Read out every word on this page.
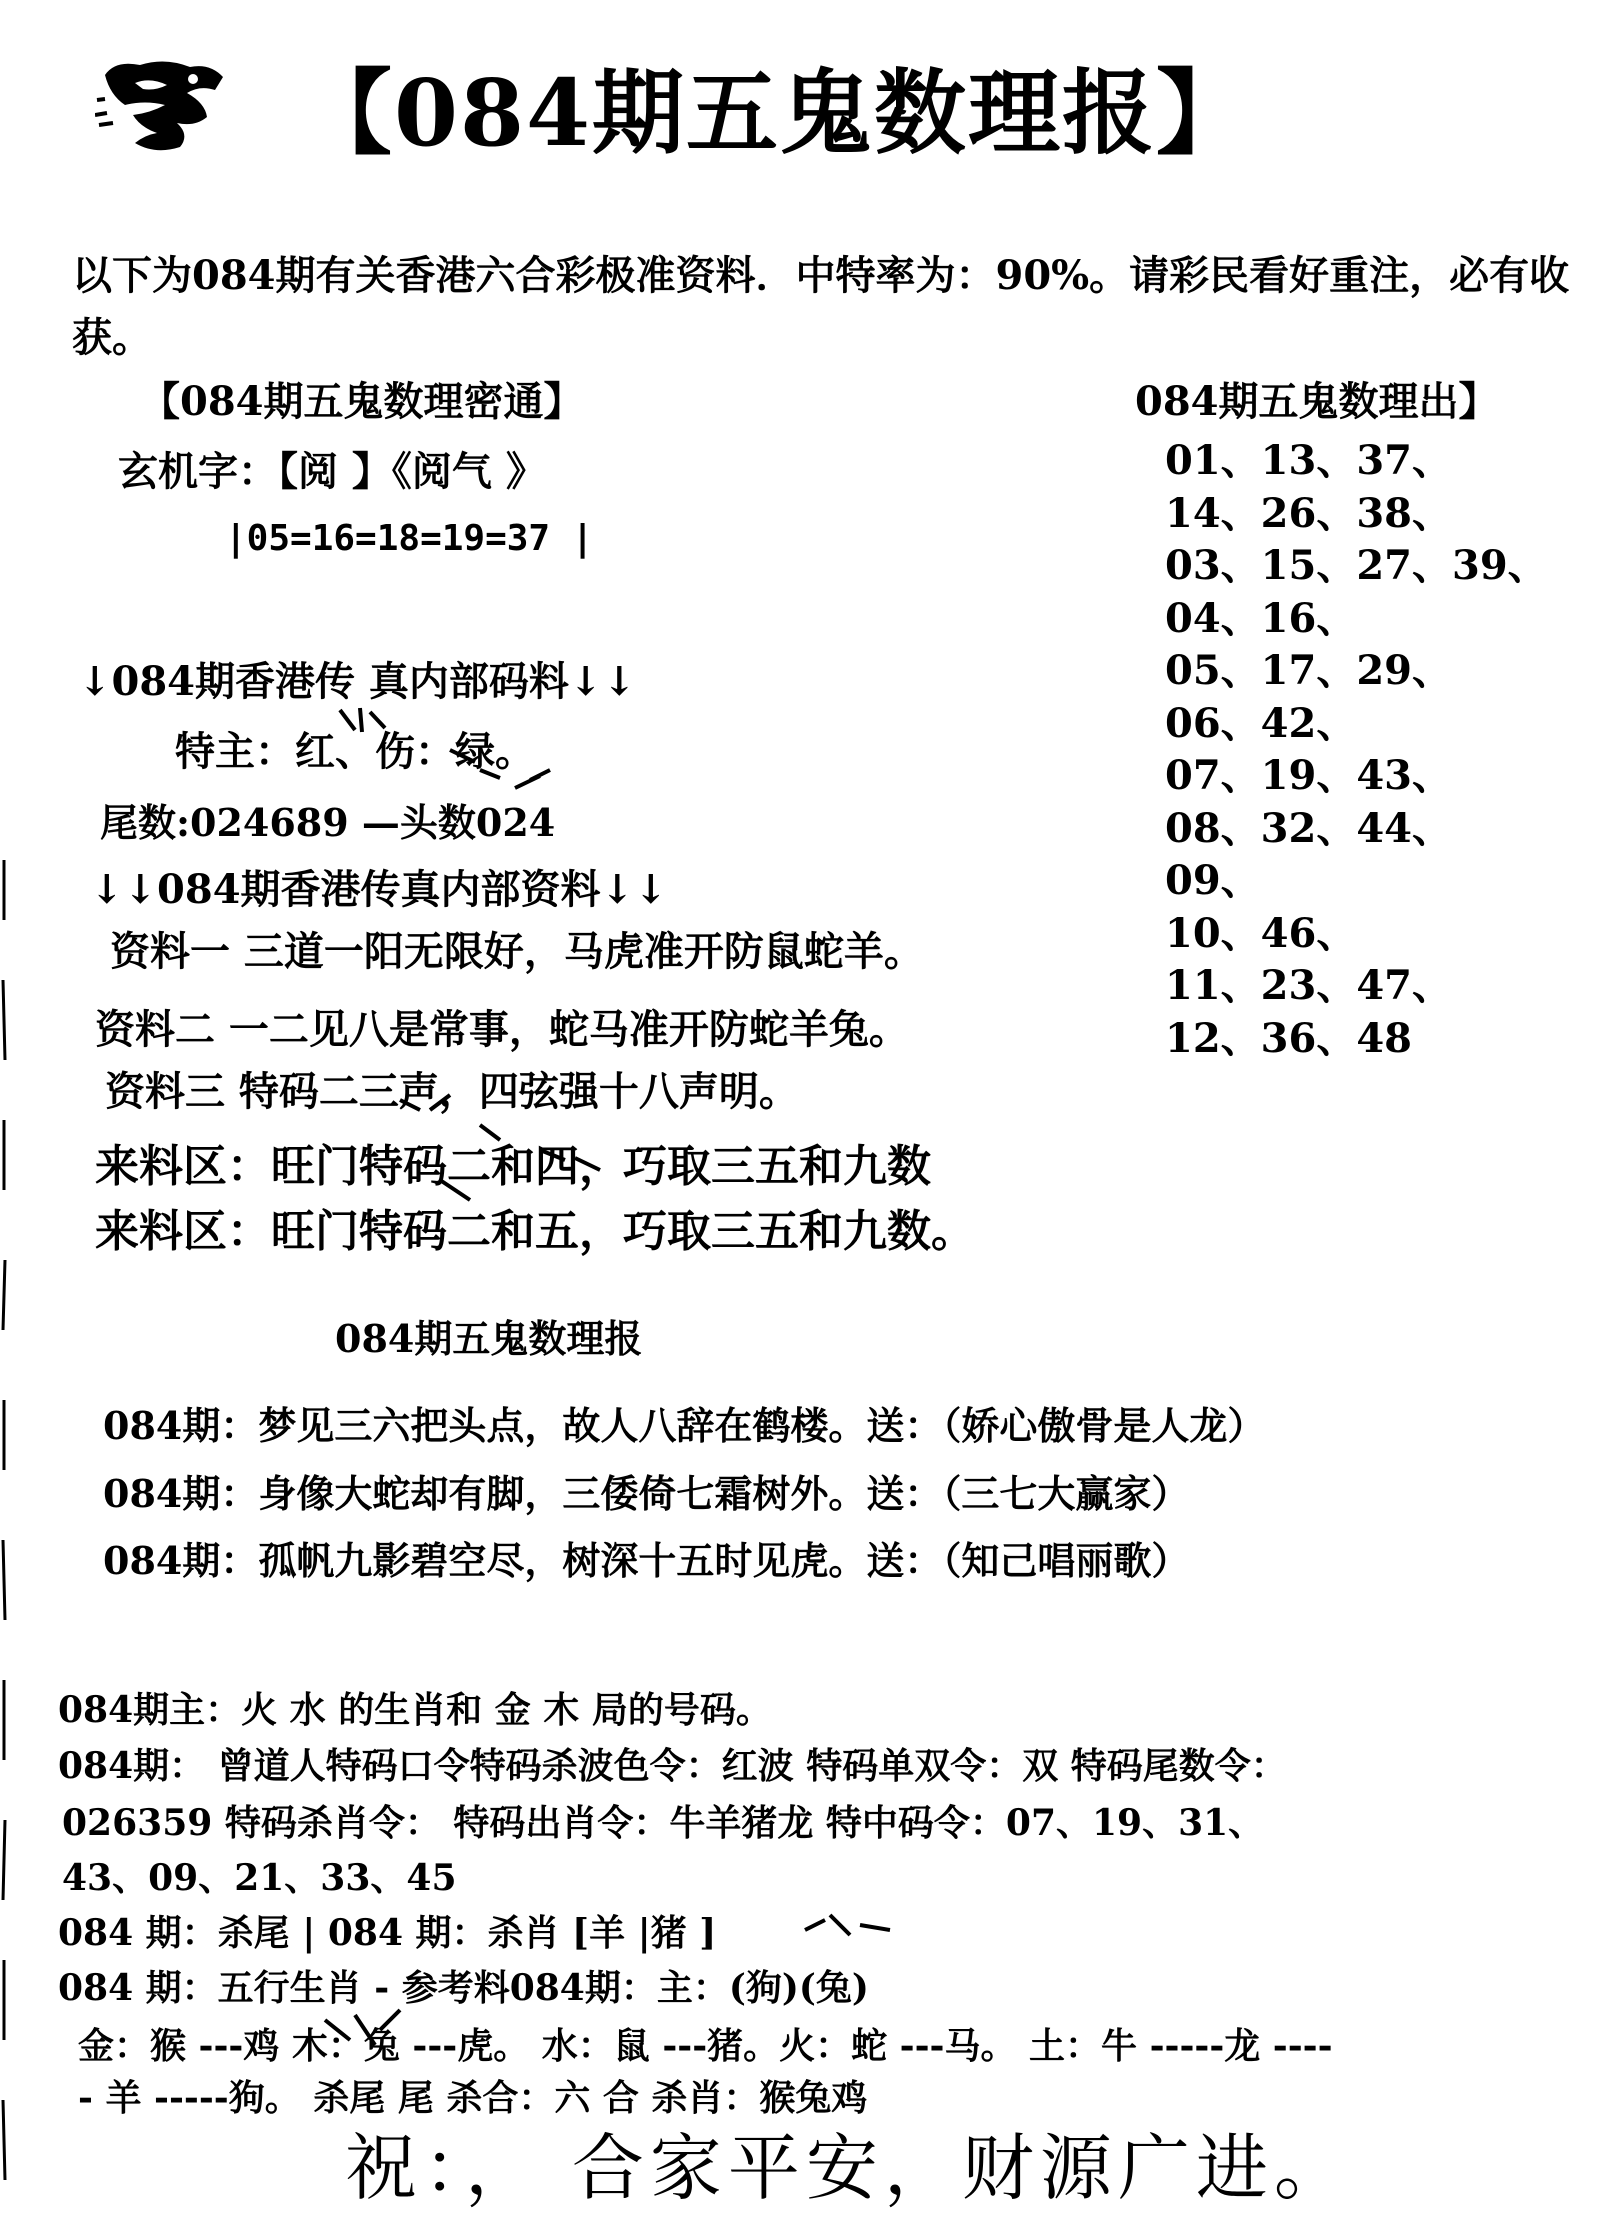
【084期五鬼数理报】
以下为084期有关香港六合彩极准资料．中特率为：90%。请彩民看好重注，必有收获。
【084期五鬼数理密通】
玄机字：【阅 】《阅气 》
|05=16=18=19=37 |
084期五鬼数理出】
01、13、37、
14、26、38、
03、15、27、39、
04、16、
05、17、29、
06、42、
07、19、43、
08、32、44、
09、
10、46、
11、23、47、
12、36、48
↓084期香港传 真内部码料↓↓
特主：红、伤：绿。
尾数:024689 —头数024
↓↓084期香港传真内部资料↓↓
资料一 三道一阳无限好，马虎准开防鼠蛇羊。
资料二 一二见八是常事，蛇马准开防蛇羊兔。
资料三 特码二三声，四弦强十八声明。
来料区：旺门特码二和四，巧取三五和九数
来料区：旺门特码二和五，巧取三五和九数。
084期五鬼数理报
084期：梦见三六把头点，故人八辞在鹤楼。送：（娇心傲骨是人龙）
084期：身像大蛇却有脚，三倭倚七霜树外。送：（三七大赢家）
084期：孤帆九影碧空尽，树深十五时见虎。送：（知己唱丽歌）
084期主：火 水 的生肖和 金 木 局的号码。
084期： 曾道人特码口令特码杀波色令：红波 特码单双令：双 特码尾数令：
026359 特码杀肖令： 特码出肖令：牛羊猪龙 特中码令：07、19、31、
43、09、21、33、45
084 期：杀尾 | 084 期：杀肖 [羊 |猪 ]
084 期：五行生肖 - 参考料084期：主：(狗)(兔)
金：猴 ---鸡 木：兔 ---虎。 水：鼠 ---猪。火：蛇 ---马。 土：牛 -----龙 ----
- 羊 -----狗。 杀尾 尾 杀合：六 合 杀肖：猴兔鸡
祝：， 合家平安，财源广进。
